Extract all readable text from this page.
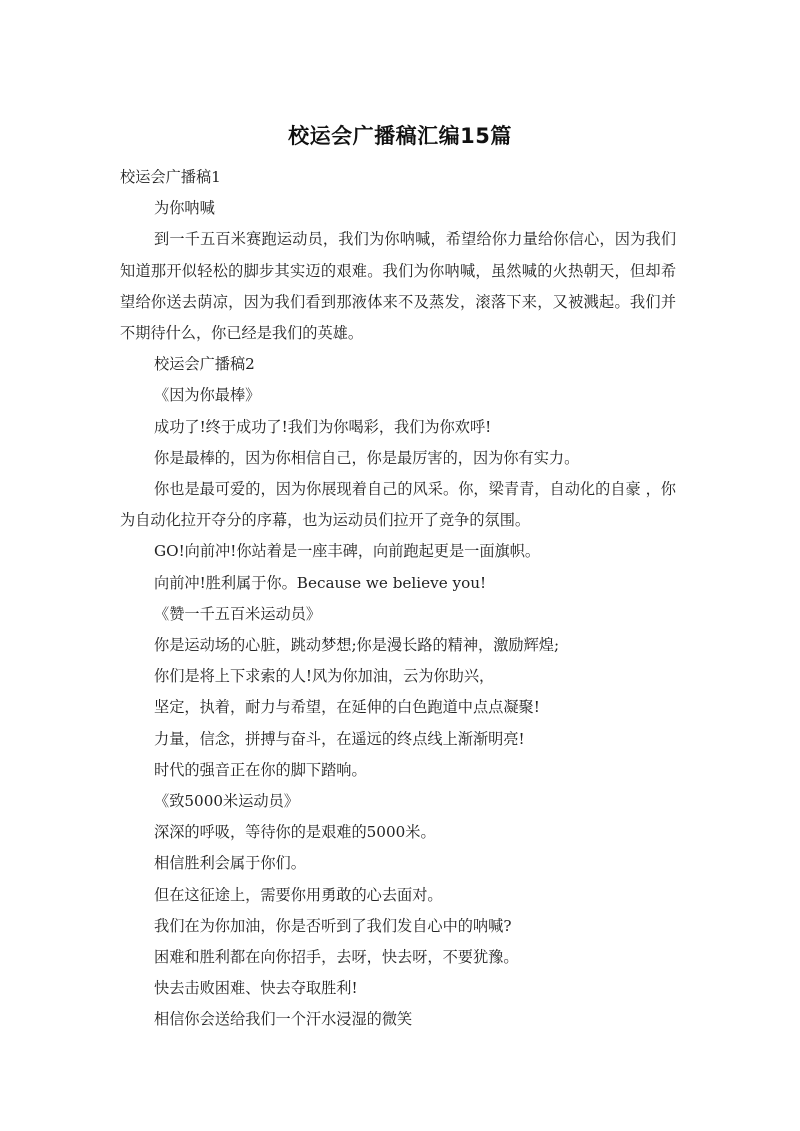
校运会广播稿汇编15篇

校运会广播稿1

为你呐喊

到一千五百米赛跑运动员，我们为你呐喊，希望给你力量给你信心，因为我们知道那开似轻松的脚步其实迈的艰难。我们为你呐喊，虽然喊的火热朝天，但却希望给你送去荫凉，因为我们看到那液体来不及蒸发，滚落下来，又被溅起。我们并不期待什么，你已经是我们的英雄。

校运会广播稿2

《因为你最棒》

成功了!终于成功了!我们为你喝彩，我们为你欢呼!

你是最棒的，因为你相信自己，你是最厉害的，因为你有实力。

你也是最可爱的，因为你展现着自己的风采。你，梁青青，自动化的自豪 ，你为自动化拉开夺分的序幕，也为运动员们拉开了竞争的氛围。

GO!向前冲!你站着是一座丰碑，向前跑起更是一面旗帜。

向前冲!胜利属于你。Because we believe you!

《赞一千五百米运动员》

你是运动场的心脏，跳动梦想;你是漫长路的精神，激励辉煌;

你们是将上下求索的人!风为你加油，云为你助兴，

坚定，执着，耐力与希望，在延伸的白色跑道中点点凝聚!

力量，信念，拼搏与奋斗，在遥远的终点线上渐渐明亮!

时代的强音正在你的脚下踏响。

《致5000米运动员》

深深的呼吸，等待你的是艰难的5000米。

相信胜利会属于你们。

但在这征途上，需要你用勇敢的心去面对。

我们在为你加油，你是否听到了我们发自心中的呐喊?

困难和胜利都在向你招手，去呀，快去呀，不要犹豫。

快去击败困难、快去夺取胜利!

相信你会送给我们一个汗水浸湿的微笑
